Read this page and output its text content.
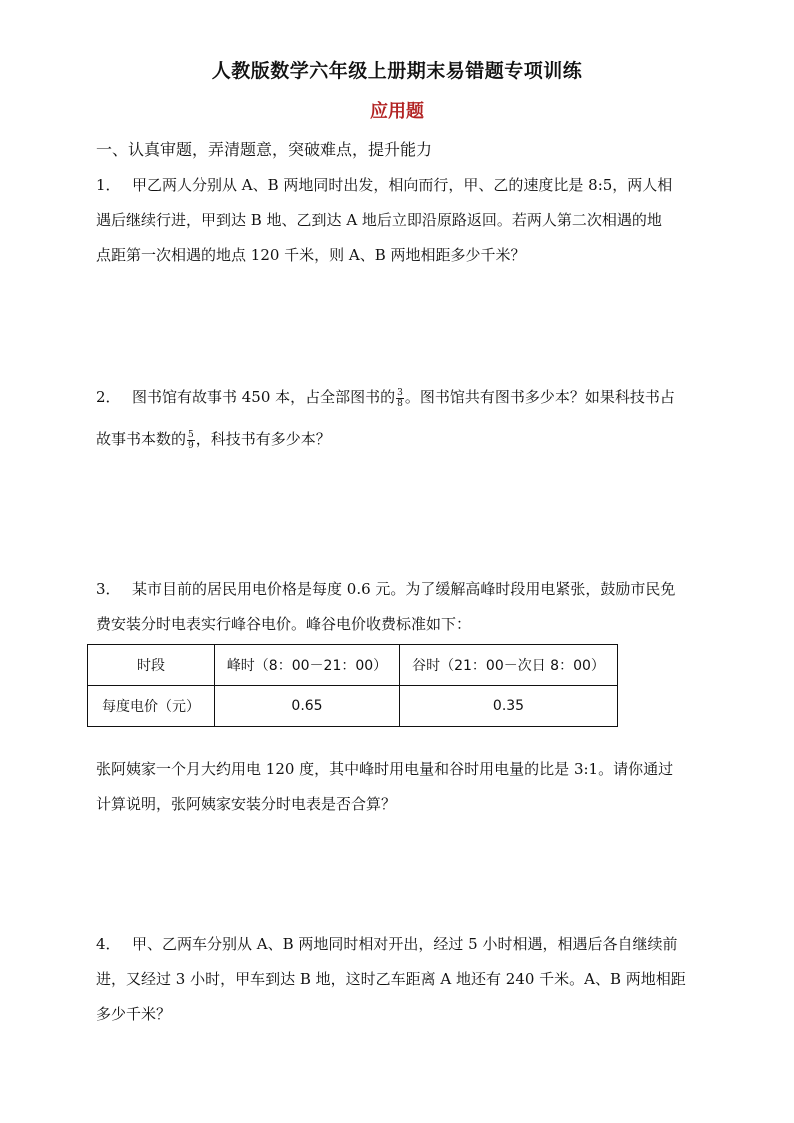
人教版数学六年级上册期末易错题专项训练
应用题
一、认真审题，弄清题意，突破难点，提升能力
1． 甲乙两人分别从 A、B 两地同时出发，相向而行，甲、乙的速度比是 8:5，两人相
遇后继续行进，甲到达 B 地、乙到达 A 地后立即沿原路返回。若两人第二次相遇的地
点距第一次相遇的地点 120 千米，则 A、B 两地相距多少千米？
2． 图书馆有故事书 450 本，占全部图书的 $\frac{3}{8}$ 。图书馆共有图书多少本？如果科技书占
故事书本数的 $\frac{5}{9}$ ，科技书有多少本？
3． 某市目前的居民用电价格是每度 0.6 元。为了缓解高峰时段用电紧张，鼓励市民免
费安装分时电表实行峰谷电价。峰谷电价收费标准如下：
时段	峰时（8：00－21：00）	谷时（21：00－次日 8：00）
每度电价（元）	0.65	0.35
张阿姨家一个月大约用电 120 度，其中峰时用电量和谷时用电量的比是 3:1。请你通过
计算说明，张阿姨家安装分时电表是否合算？
4． 甲、乙两车分别从 A、B 两地同时相对开出，经过 5 小时相遇，相遇后各自继续前
进，又经过 3 小时，甲车到达 B 地，这时乙车距离 A 地还有 240 千米。A、B 两地相距
多少千米？
